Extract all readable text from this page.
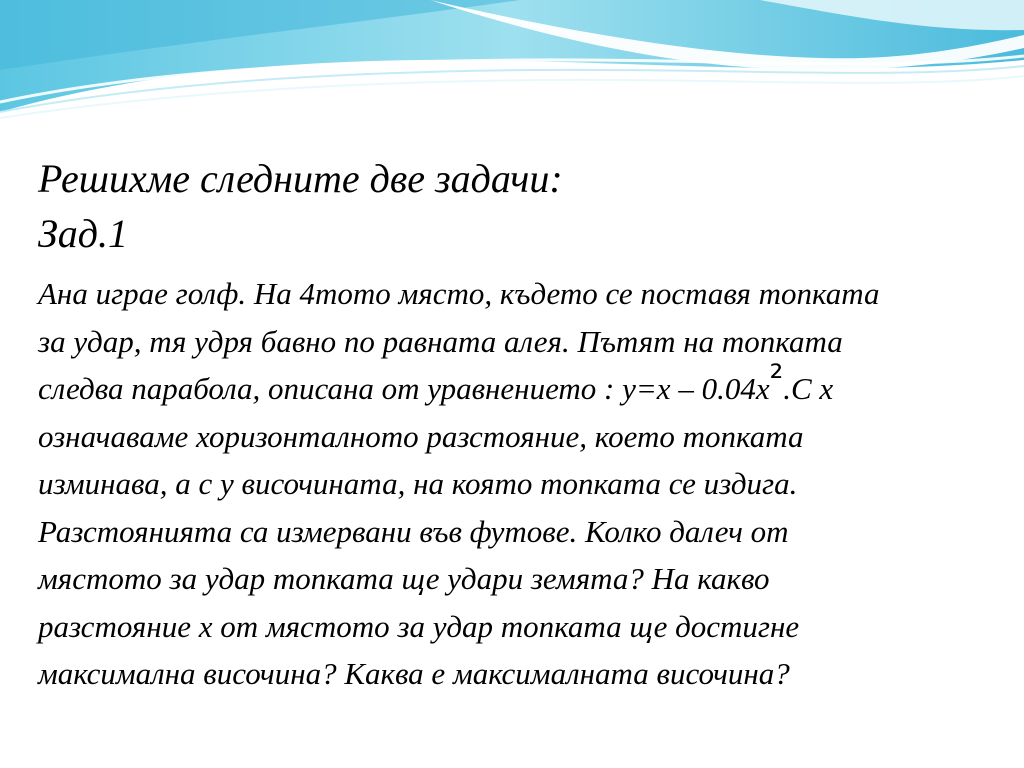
Решихме следните две задачи:
Зад.1
Ана играе голф. На 4тото място, където се поставя топката
за удар, тя удря бавно по равната алея. Пътят на топката
следва парабола, описана от уравнението : y=x – 0.04x².С x
означаваме хоризонталното разстояние, което топката
изминава, а с y височината, на която топката се издига.
Разстоянията са измервани във футове. Колко далеч от
мястото за удар топката ще удари земята? На какво
разстояние x от мястото за удар топката ще достигне
максимална височина? Каква е максималната височина?
